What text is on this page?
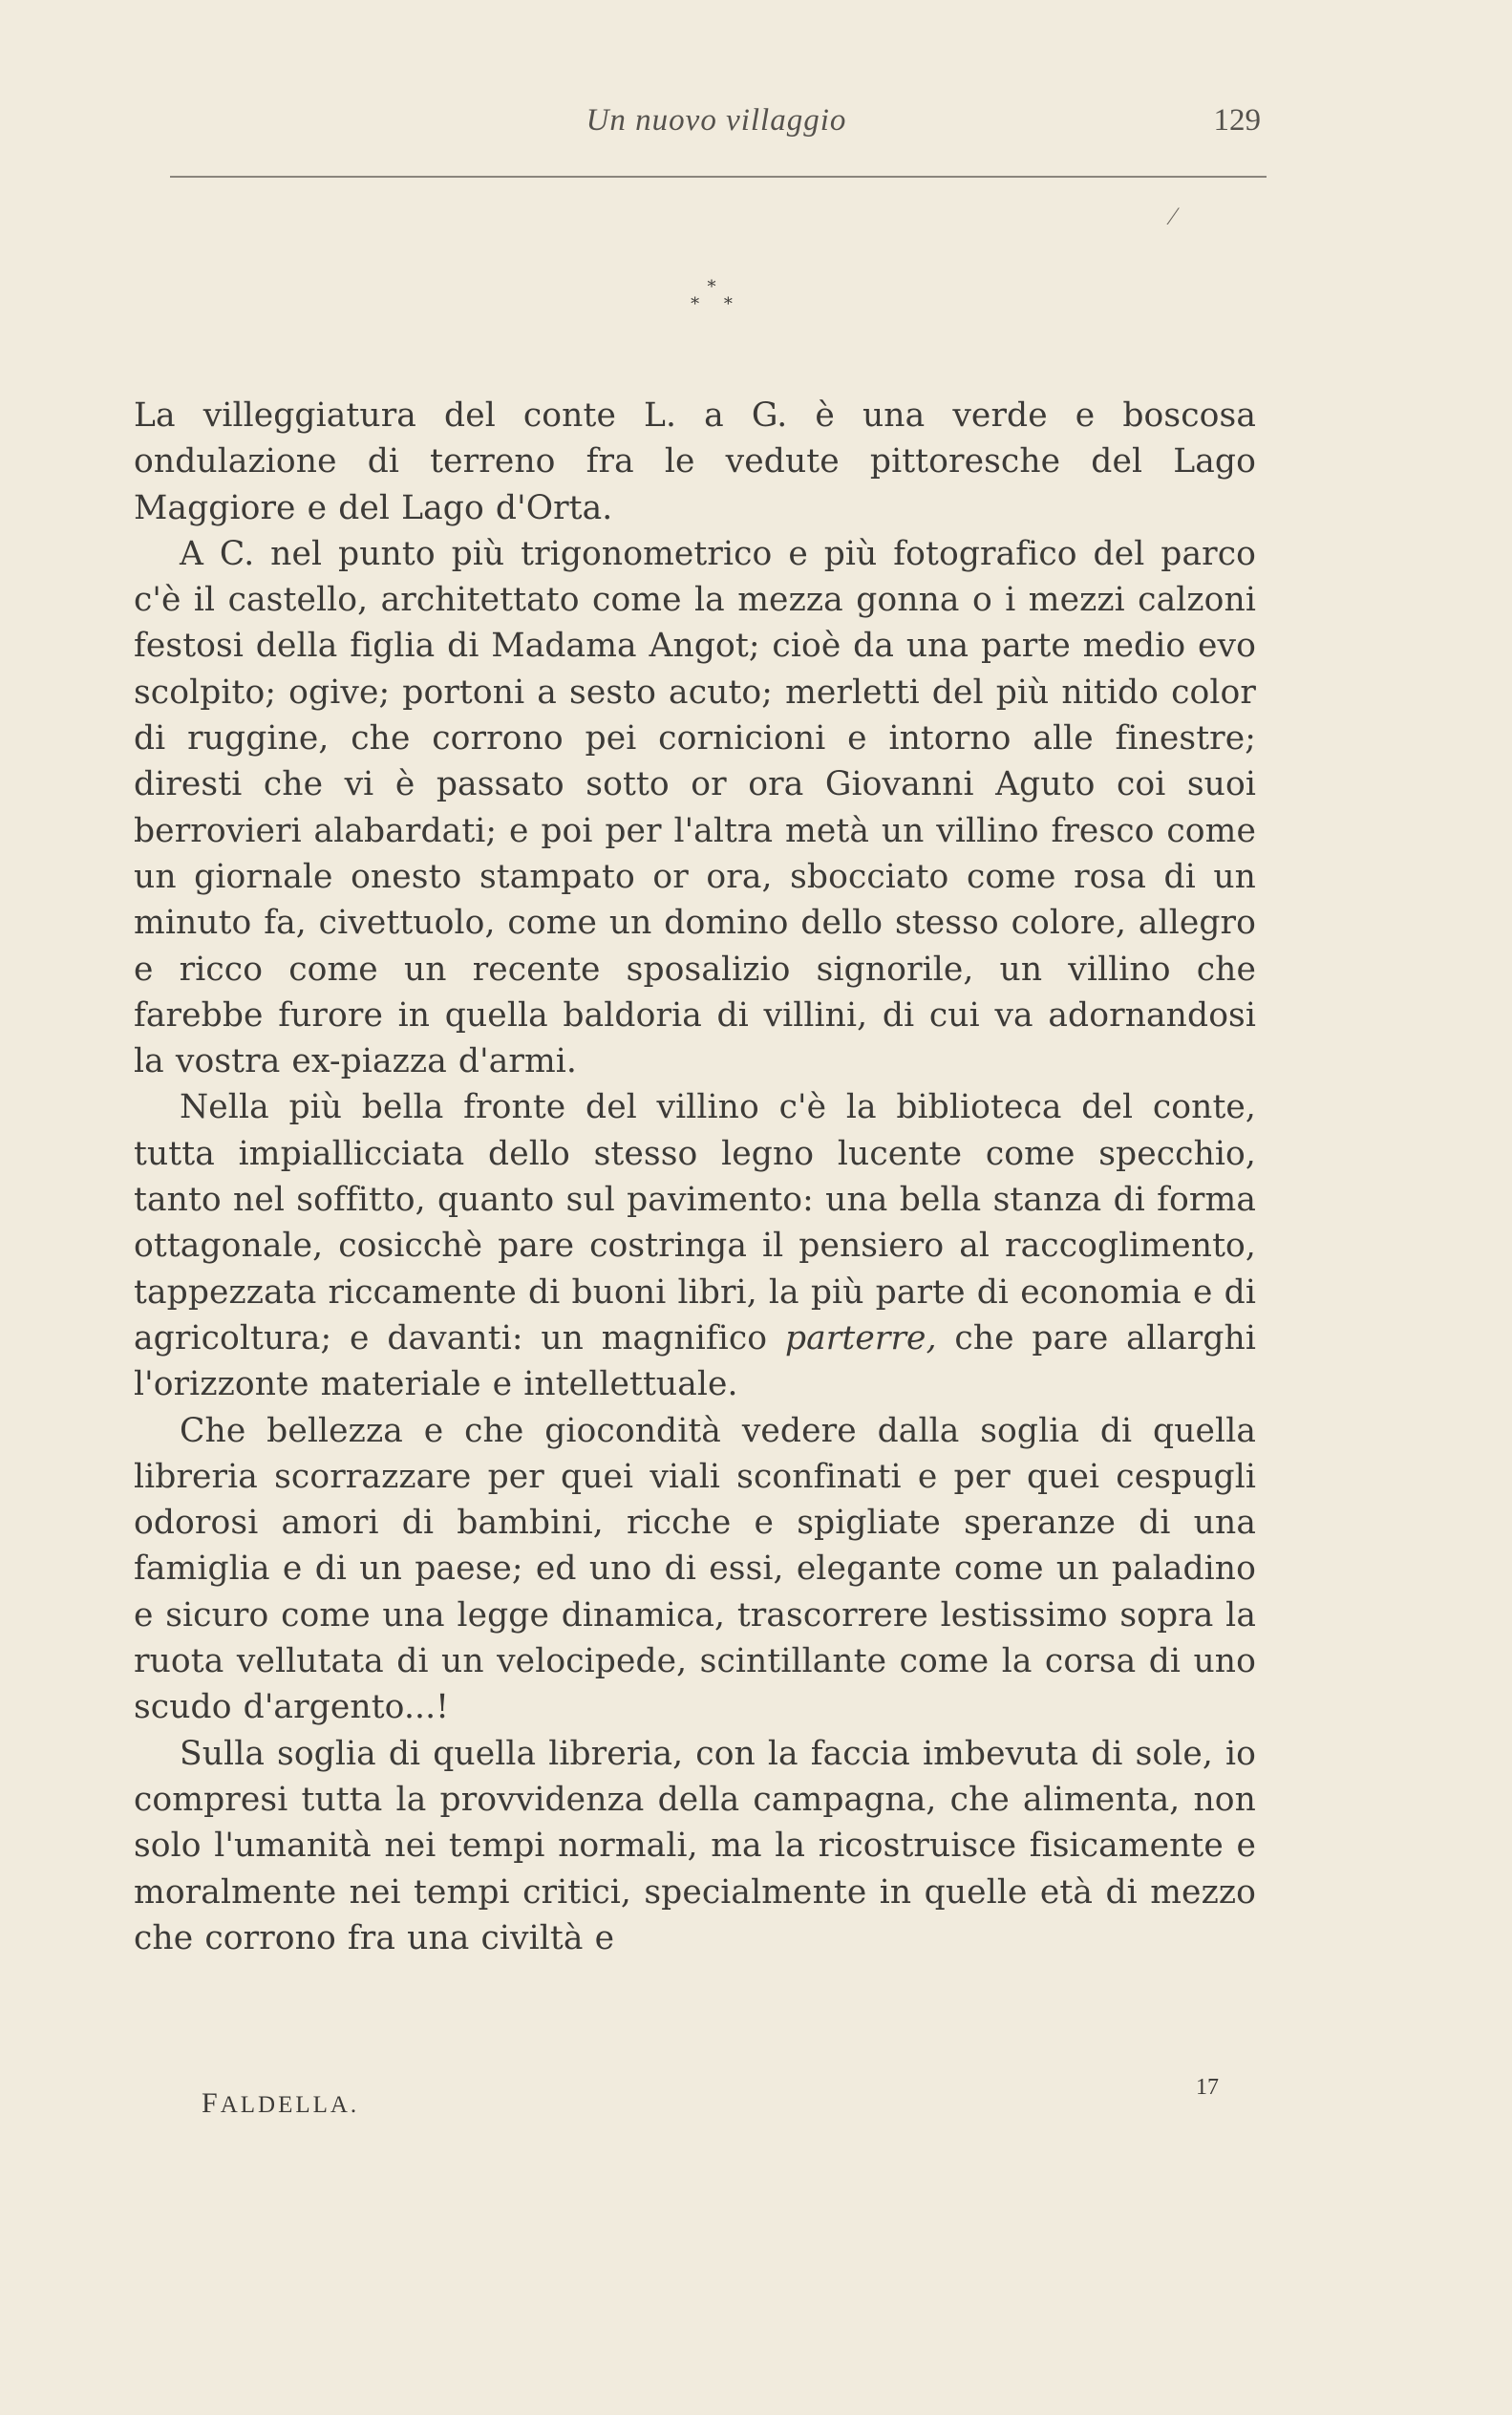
Un nuovo villaggio	129
⁄
*
* *

La villeggiatura del conte L. a G. è una verde e boscosa ondulazione di terreno fra le vedute pittoresche del Lago Maggiore e del Lago d'Orta.

A C. nel punto più trigonometrico e più fotografico del parco c'è il castello, architettato come la mezza gonna o i mezzi calzoni festosi della figlia di Madama Angot; cioè da una parte medio evo scolpito; ogive; portoni a sesto acuto; merletti del più nitido color di ruggine, che corrono pei cornicioni e intorno alle finestre; diresti che vi è passato sotto or ora Giovanni Aguto coi suoi berrovieri alabardati; e poi per l'altra metà un villino fresco come un giornale onesto stampato or ora, sbocciato come rosa di un minuto fa, civettuolo, come un domino dello stesso colore, allegro e ricco come un recente sposalizio signorile, un villino che farebbe furore in quella baldoria di villini, di cui va adornandosi la vostra ex-piazza d'armi.

Nella più bella fronte del villino c'è la biblioteca del conte, tutta impiallicciata dello stesso legno lucente come specchio, tanto nel soffitto, quanto sul pavimento: una bella stanza di forma ottagonale, cosicchè pare costringa il pensiero al raccoglimento, tappezzata riccamente di buoni libri, la più parte di economia e di agricoltura; e davanti: un magnifico parterre, che pare allarghi l'orizzonte materiale e intellettuale.

Che bellezza e che giocondità vedere dalla soglia di quella libreria scorrazzare per quei viali sconfinati e per quei cespugli odorosi amori di bambini, ricche e spigliate speranze di una famiglia e di un paese; ed uno di essi, elegante come un paladino e sicuro come una legge dinamica, trascorrere lestissimo sopra la ruota vellutata di un velocipede, scintillante come la corsa di uno scudo d'argento...!

Sulla soglia di quella libreria, con la faccia imbevuta di sole, io compresi tutta la provvidenza della campagna, che alimenta, non solo l'umanità nei tempi normali, ma la ricostruisce fisicamente e moralmente nei tempi critici, specialmente in quelle età di mezzo che corrono fra una civiltà e

FALDELLA.
17
